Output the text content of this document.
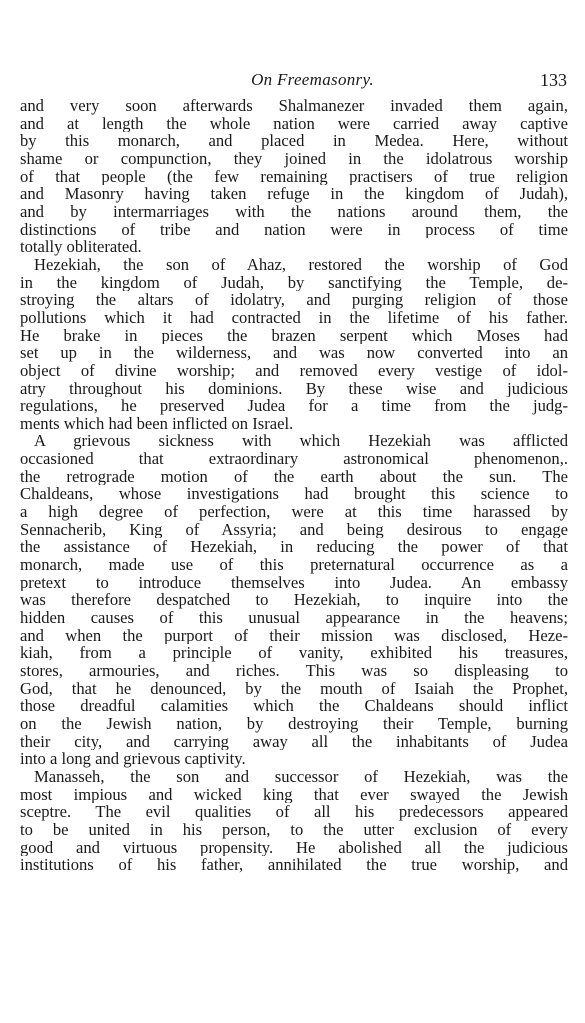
On Freemasonry.	133
and very soon afterwards Shalmanezer invaded them again,
and at length the whole nation were carried away captive
by this monarch, and placed in Medea. Here, without
shame or compunction, they joined in the idolatrous worship
of that people (the few remaining practisers of true religion
and Masonry having taken refuge in the kingdom of Judah),
and by intermarriages with the nations around them, the
distinctions of tribe and nation were in process of time
totally obliterated.
Hezekiah, the son of Ahaz, restored the worship of God
in the kingdom of Judah, by sanctifying the Temple, de-
stroying the altars of idolatry, and purging religion of those
pollutions which it had contracted in the lifetime of his father.
He brake in pieces the brazen serpent which Moses had
set up in the wilderness, and was now converted into an
object of divine worship; and removed every vestige of idol-
atry throughout his dominions. By these wise and judicious
regulations, he preserved Judea for a time from the judg-
ments which had been inflicted on Israel.
A grievous sickness with which Hezekiah was afflicted
occasioned that extraordinary astronomical phenomenon,.
the retrograde motion of the earth about the sun. The
Chaldeans, whose investigations had brought this science to
a high degree of perfection, were at this time harassed by
Sennacherib, King of Assyria; and being desirous to engage
the assistance of Hezekiah, in reducing the power of that
monarch, made use of this preternatural occurrence as a
pretext to introduce themselves into Judea. An embassy
was therefore despatched to Hezekiah, to inquire into the
hidden causes of this unusual appearance in the heavens;
and when the purport of their mission was disclosed, Heze-
kiah, from a principle of vanity, exhibited his treasures,
stores, armouries, and riches. This was so displeasing to
God, that he denounced, by the mouth of Isaiah the Prophet,
those dreadful calamities which the Chaldeans should inflict
on the Jewish nation, by destroying their Temple, burning
their city, and carrying away all the inhabitants of Judea
into a long and grievous captivity.
Manasseh, the son and successor of Hezekiah, was the
most impious and wicked king that ever swayed the Jewish
sceptre. The evil qualities of all his predecessors appeared
to be united in his person, to the utter exclusion of every
good and virtuous propensity. He abolished all the judicious
institutions of his father, annihilated the true worship, and
